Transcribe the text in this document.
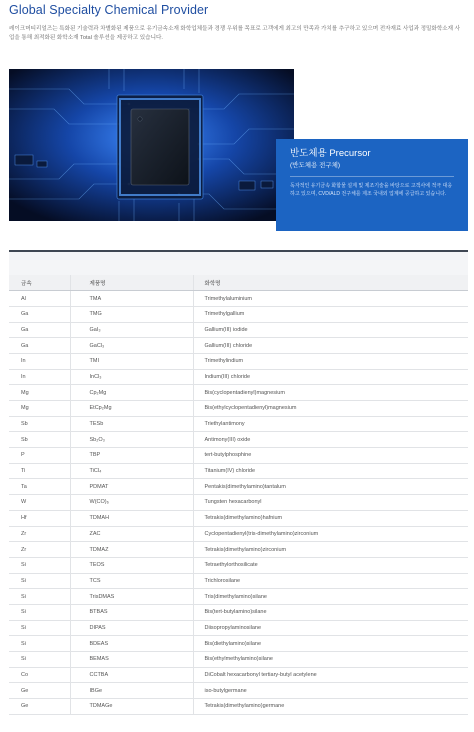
Global Specialty Chemical Provider

레이크머티리얼즈는 특화된 기술력과 차별화된 제품으로 유기금속소재 화학업체들과 경쟁 우위를 목표로 고객에게 최고의 만족과 가치를 추구하고 있으며 전자재료 사업과 정밀화학소재 사업을 통해 최적화된 화학소재 Total 솔루션을 제공하고 있습니다.

반도체용 Precursor
(반도체용 전구체)
독자적인 유기금속 화합물 설계 및 제조기술을 바탕으로 고객사에 적극 대응하고 있으며, CVD/ALD 전구체를 제조 국내외 업계에 공급하고 있습니다.
금속	제품명	화학명
Al	TMA	Trimethylaluminium
Ga	TMG	Trimethylgallium
Ga	GaI₃	Gallium(III) iodide
Ga	GaCl₃	Gallium(III) chloride
In	TMI	Trimethylindium
In	InCl₃	Indium(III) chloride
Mg	Cp₂Mg	Bis(cyclopentadienyl)magnesium
Mg	EtCp₂Mg	Bis(ethylcyclopentadienyl)magnesium
Sb	TESb	Triethylantimony
Sb	Sb₂O₃	Antimony(III) oxide
P	TBP	tert-butylphosphine
Ti	TiCl₄	Titanium(IV) chloride
Ta	PDMAT	Pentakis(dimethylamino)tantalum
W	W(CO)₆	Tungsten hexacarbonyl
Hf	TDMAH	Tetrakis(dimethylamino)hafnium
Zr	ZAC	Cyclopentadienyl(tris-dimethylamino)zirconium
Zr	TDMAZ	Tetrakis(dimethylamino)zirconium
Si	TEOS	Tetraethylorthosilicate
Si	TCS	Trichlorosilane
Si	TrisDMAS	Tris(dimethylamino)silane
Si	BTBAS	Bis(tert-butylamino)silane
Si	DIPAS	Diisopropylaminosilane
Si	BDEAS	Bis(diethylamino)silane
Si	BEMAS	Bis(ethylmethylamino)silane
Co	CCTBA	DiCobalt hexacarbonyl tertiary-butyl acetylene
Ge	IBGe	iso-butylgermane
Ge	TDMAGe	Tetrakis(dimethylamino)germane
